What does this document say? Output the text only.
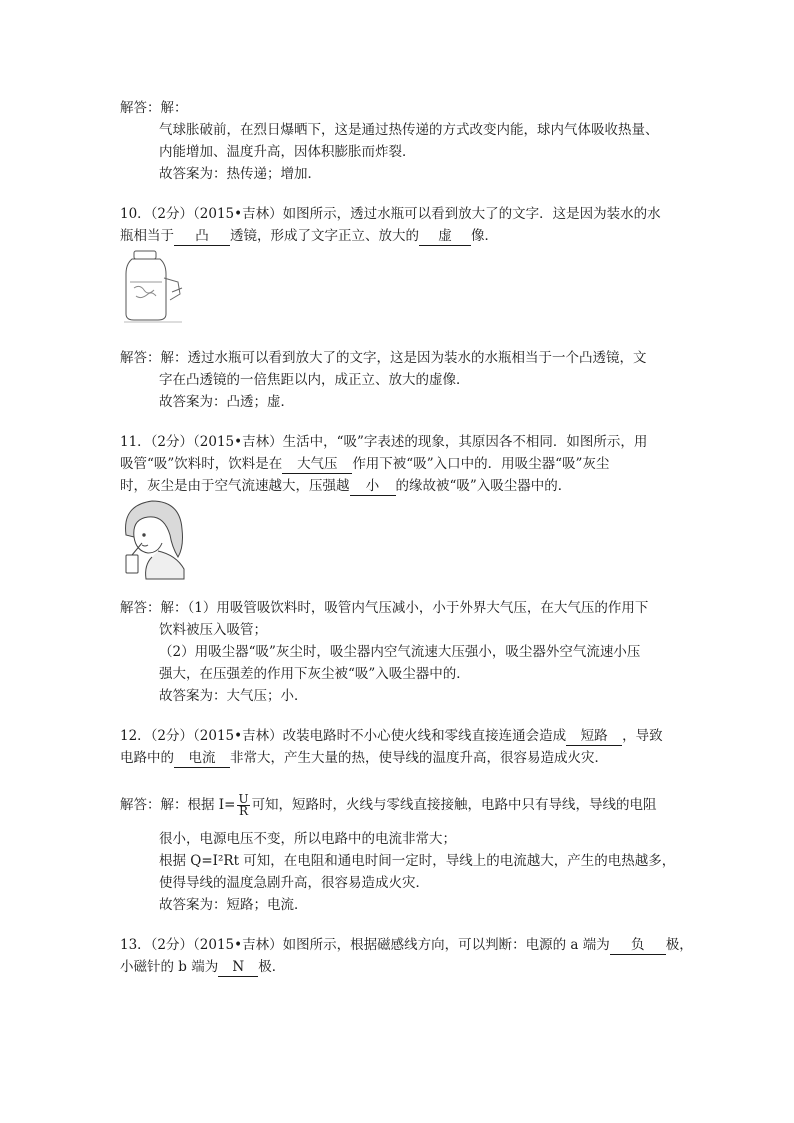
解答：解：
气球胀破前，在烈日爆晒下，这是通过热传递的方式改变内能，球内气体吸收热量、
内能增加、温度升高，因体积膨胀而炸裂．
故答案为：热传递；增加．
10．（2分）（2015•吉林）如图所示，透过水瓶可以看到放大了的文字．这是因为装水的水
瓶相当于 凸 透镜，形成了文字正立、放大的 虚 像．
解答：解：透过水瓶可以看到放大了的文字，这是因为装水的水瓶相当于一个凸透镜，文
字在凸透镜的一倍焦距以内，成正立、放大的虚像．
故答案为：凸透；虚．
11．（2分）（2015•吉林）生活中，“吸”字表述的现象，其原因各不相同．如图所示，用
吸管“吸”饮料时，饮料是在 大气压 作用下被“吸”入口中的．用吸尘器“吸”灰尘
时，灰尘是由于空气流速越大，压强越 小 的缘故被“吸”入吸尘器中的．
解答：解：（1）用吸管吸饮料时，吸管内气压减小，小于外界大气压，在大气压的作用下
饮料被压入吸管；
（2）用吸尘器“吸”灰尘时，吸尘器内空气流速大压强小，吸尘器外空气流速小压
强大，在压强差的作用下灰尘被“吸”入吸尘器中的．
故答案为：大气压；小．
12．（2分）（2015•吉林）改装电路时不小心使火线和零线直接连通会造成 短路 ，导致
电路中的 电流 非常大，产生大量的热，使导线的温度升高，很容易造成火灾．
解答：解：根据 $I= \frac{U}{R}$ 可知，短路时，火线与零线直接接触，电路中只有导线，导线的电阻
很小，电源电压不变，所以电路中的电流非常大；
根据 Q=I²Rt 可知，在电阻和通电时间一定时，导线上的电流越大，产生的电热越多，
使得导线的温度急剧升高，很容易造成火灾．
故答案为：短路；电流．
13．（2分）（2015•吉林）如图所示，根据磁感线方向，可以判断：电源的 a 端为 负 极，
小磁针的 b 端为 N 极．
